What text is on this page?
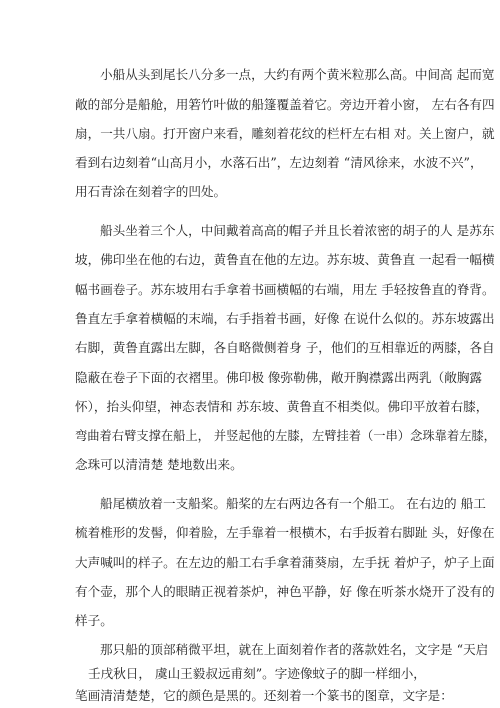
小船从头到尾长八分多一点，大约有两个黄米粒那么高。中间高 起而宽
敞的部分是船舱，用箬竹叶做的船篷覆盖着它。旁边开着小窗， 左右各有四
扇，一共八扇。打开窗户来看，雕刻着花纹的栏杆左右相 对。关上窗户，就
看到右边刻着“山高月小，水落石出”，左边刻着 “清风徐来，水波不兴”，
用石青涂在刻着字的凹处。
船头坐着三个人，中间戴着高高的帽子并且长着浓密的胡子的人 是苏东
坡，佛印坐在他的右边，黄鲁直在他的左边。苏东坡、黄鲁直 一起看一幅横
幅书画卷子。苏东坡用右手拿着书画横幅的右端，用左 手轻按鲁直的脊背。
鲁直左手拿着横幅的末端，右手指着书画，好像 在说什么似的。苏东坡露出
右脚，黄鲁直露出左脚，各自略微侧着身 子，他们的互相靠近的两膝，各自
隐蔽在卷子下面的衣褶里。佛印极 像弥勒佛，敞开胸襟露出两乳（敞胸露
怀），抬头仰望，神态表情和 苏东坡、黄鲁直不相类似。佛印平放着右膝，
弯曲着右臂支撑在船上， 并竖起他的左膝，左臂挂着（一串）念珠靠着左膝，
念珠可以清清楚 楚地数出来。
船尾横放着一支船桨。船桨的左右两边各有一个船工。 在右边的 船工
梳着椎形的发髻，仰着脸，左手靠着一根横木，右手扳着右脚趾 头，好像在
大声喊叫的样子。在左边的船工右手拿着蒲葵扇，左手抚 着炉子，炉子上面
有个壶，那个人的眼睛正视着茶炉，神色平静，好 像在听茶水烧开了没有的
样子。
那只船的顶部稍微平坦，就在上面刻着作者的落款姓名，文字是 “天启
壬戌秋日， 虞山王毅叔远甫刻”。字迹像蚊子的脚一样细小，
笔画清清楚楚，它的颜色是黑的。还刻着一个篆书的图章，文字是：
